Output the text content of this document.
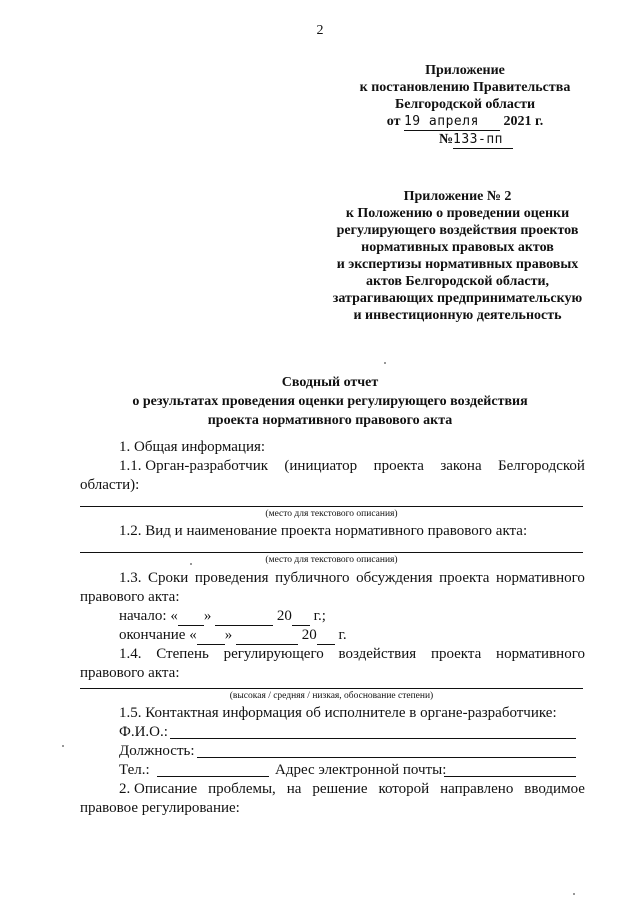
2
Приложение
к постановлению Правительства
Белгородской области
от 19 апреля 2021 г.
№133-пп
Приложение № 2
к Положению о проведении оценки
регулирующего воздействия проектов
нормативных правовых актов
и экспертизы нормативных правовых
актов Белгородской области,
затрагивающих предпринимательскую
и инвестиционную деятельность
Сводный отчет
о результатах проведения оценки регулирующего воздействия
проекта нормативного правового акта
1. Общая информация:
1.1. Орган-разработчик (инициатор проекта закона Белгородской
области):
(место для текстового описания)
1.2. Вид и наименование проекта нормативного правового акта:
(место для текстового описания)
1.3. Сроки проведения публичного обсуждения проекта нормативного
правового акта:
начало: « »	20 г.;
окончание « »	20 г.
1.4. Степень регулирующего воздействия проекта нормативного
правового акта:
(высокая / средняя / низкая, обоснование степени)
1.5. Контактная информация об исполнителе в органе-разработчике:
Ф.И.О.:
Должность:
Тел.:	Адрес электронной почты:
2. Описание проблемы, на решение которой направлено вводимое
правовое регулирование:
